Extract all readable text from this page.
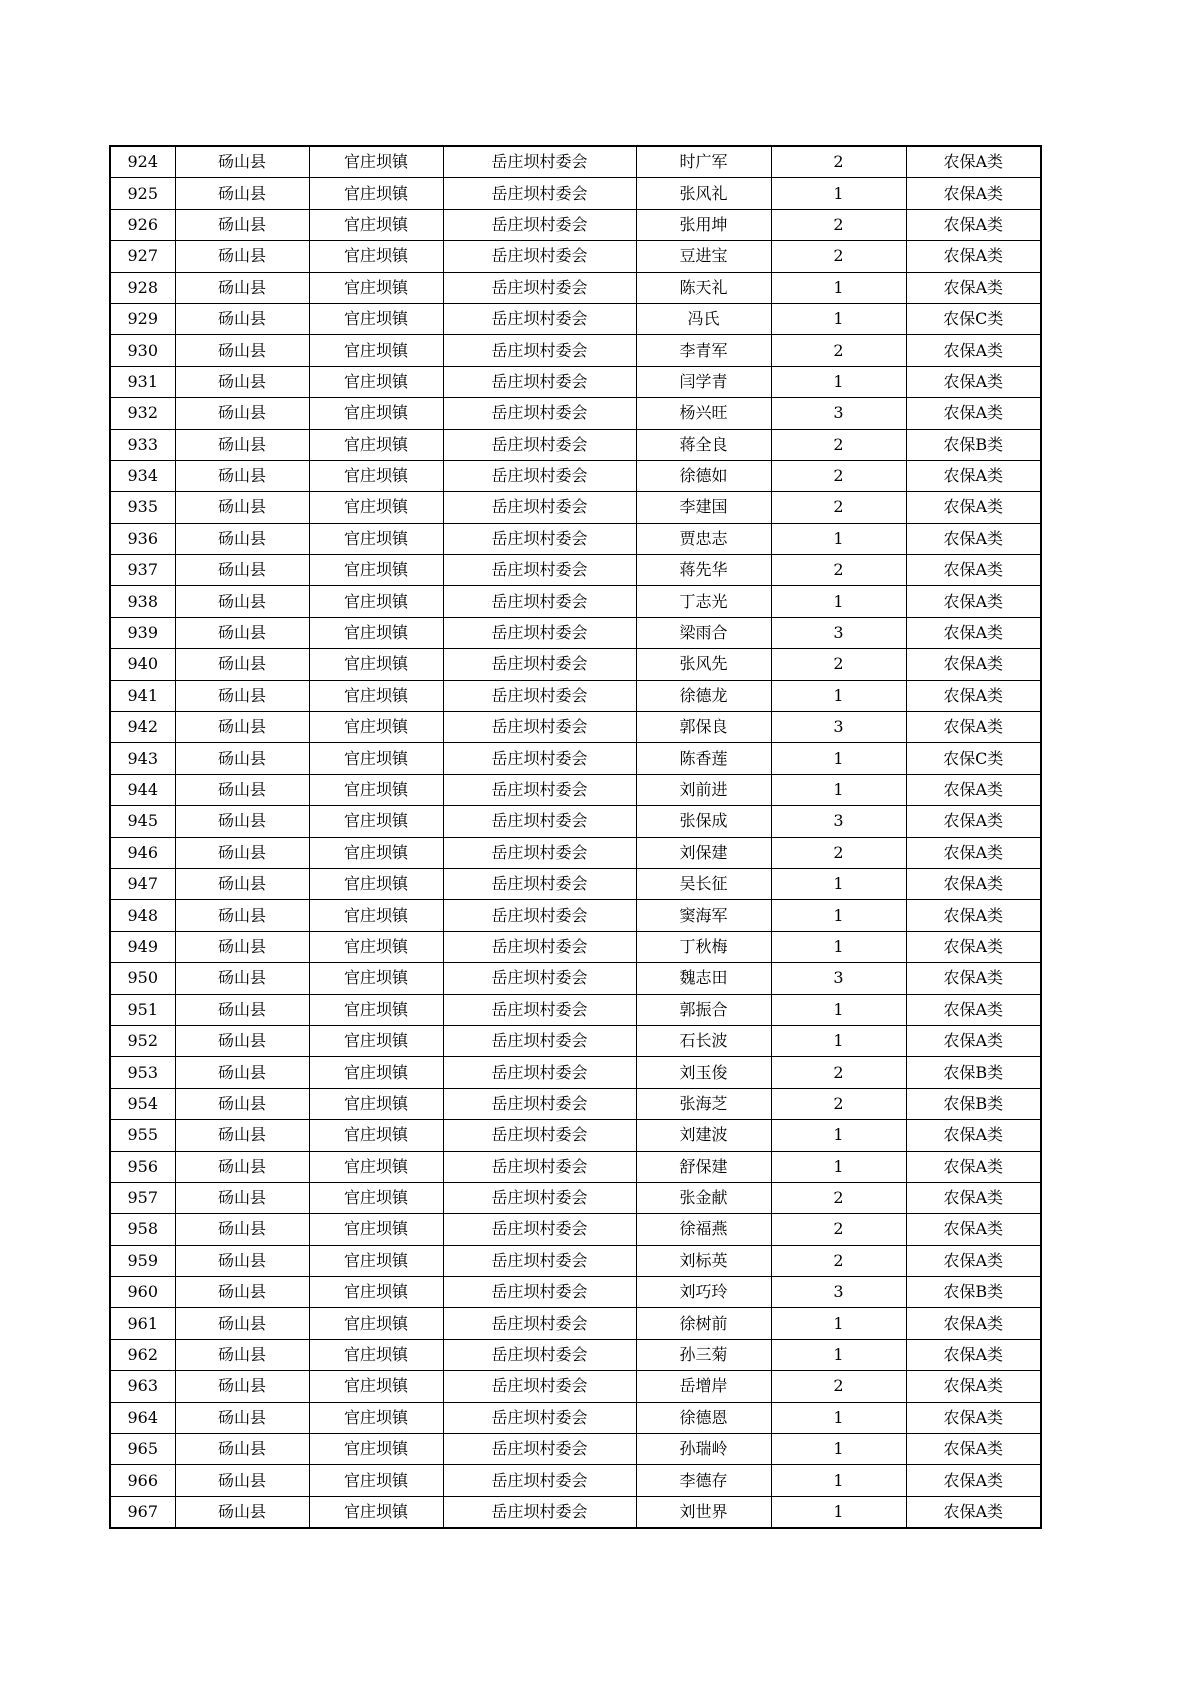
924	砀山县	官庄坝镇	岳庄坝村委会	时广军	2	农保A类
925	砀山县	官庄坝镇	岳庄坝村委会	张风礼	1	农保A类
926	砀山县	官庄坝镇	岳庄坝村委会	张用坤	2	农保A类
927	砀山县	官庄坝镇	岳庄坝村委会	豆进宝	2	农保A类
928	砀山县	官庄坝镇	岳庄坝村委会	陈天礼	1	农保A类
929	砀山县	官庄坝镇	岳庄坝村委会	冯氏	1	农保C类
930	砀山县	官庄坝镇	岳庄坝村委会	李青军	2	农保A类
931	砀山县	官庄坝镇	岳庄坝村委会	闫学青	1	农保A类
932	砀山县	官庄坝镇	岳庄坝村委会	杨兴旺	3	农保A类
933	砀山县	官庄坝镇	岳庄坝村委会	蒋全良	2	农保B类
934	砀山县	官庄坝镇	岳庄坝村委会	徐德如	2	农保A类
935	砀山县	官庄坝镇	岳庄坝村委会	李建国	2	农保A类
936	砀山县	官庄坝镇	岳庄坝村委会	贾忠志	1	农保A类
937	砀山县	官庄坝镇	岳庄坝村委会	蒋先华	2	农保A类
938	砀山县	官庄坝镇	岳庄坝村委会	丁志光	1	农保A类
939	砀山县	官庄坝镇	岳庄坝村委会	梁雨合	3	农保A类
940	砀山县	官庄坝镇	岳庄坝村委会	张风先	2	农保A类
941	砀山县	官庄坝镇	岳庄坝村委会	徐德龙	1	农保A类
942	砀山县	官庄坝镇	岳庄坝村委会	郭保良	3	农保A类
943	砀山县	官庄坝镇	岳庄坝村委会	陈香莲	1	农保C类
944	砀山县	官庄坝镇	岳庄坝村委会	刘前进	1	农保A类
945	砀山县	官庄坝镇	岳庄坝村委会	张保成	3	农保A类
946	砀山县	官庄坝镇	岳庄坝村委会	刘保建	2	农保A类
947	砀山县	官庄坝镇	岳庄坝村委会	吴长征	1	农保A类
948	砀山县	官庄坝镇	岳庄坝村委会	窦海军	1	农保A类
949	砀山县	官庄坝镇	岳庄坝村委会	丁秋梅	1	农保A类
950	砀山县	官庄坝镇	岳庄坝村委会	魏志田	3	农保A类
951	砀山县	官庄坝镇	岳庄坝村委会	郭振合	1	农保A类
952	砀山县	官庄坝镇	岳庄坝村委会	石长波	1	农保A类
953	砀山县	官庄坝镇	岳庄坝村委会	刘玉俊	2	农保B类
954	砀山县	官庄坝镇	岳庄坝村委会	张海芝	2	农保B类
955	砀山县	官庄坝镇	岳庄坝村委会	刘建波	1	农保A类
956	砀山县	官庄坝镇	岳庄坝村委会	舒保建	1	农保A类
957	砀山县	官庄坝镇	岳庄坝村委会	张金献	2	农保A类
958	砀山县	官庄坝镇	岳庄坝村委会	徐福燕	2	农保A类
959	砀山县	官庄坝镇	岳庄坝村委会	刘标英	2	农保A类
960	砀山县	官庄坝镇	岳庄坝村委会	刘巧玲	3	农保B类
961	砀山县	官庄坝镇	岳庄坝村委会	徐树前	1	农保A类
962	砀山县	官庄坝镇	岳庄坝村委会	孙三菊	1	农保A类
963	砀山县	官庄坝镇	岳庄坝村委会	岳增岸	2	农保A类
964	砀山县	官庄坝镇	岳庄坝村委会	徐德恩	1	农保A类
965	砀山县	官庄坝镇	岳庄坝村委会	孙瑞岭	1	农保A类
966	砀山县	官庄坝镇	岳庄坝村委会	李德存	1	农保A类
967	砀山县	官庄坝镇	岳庄坝村委会	刘世界	1	农保A类
